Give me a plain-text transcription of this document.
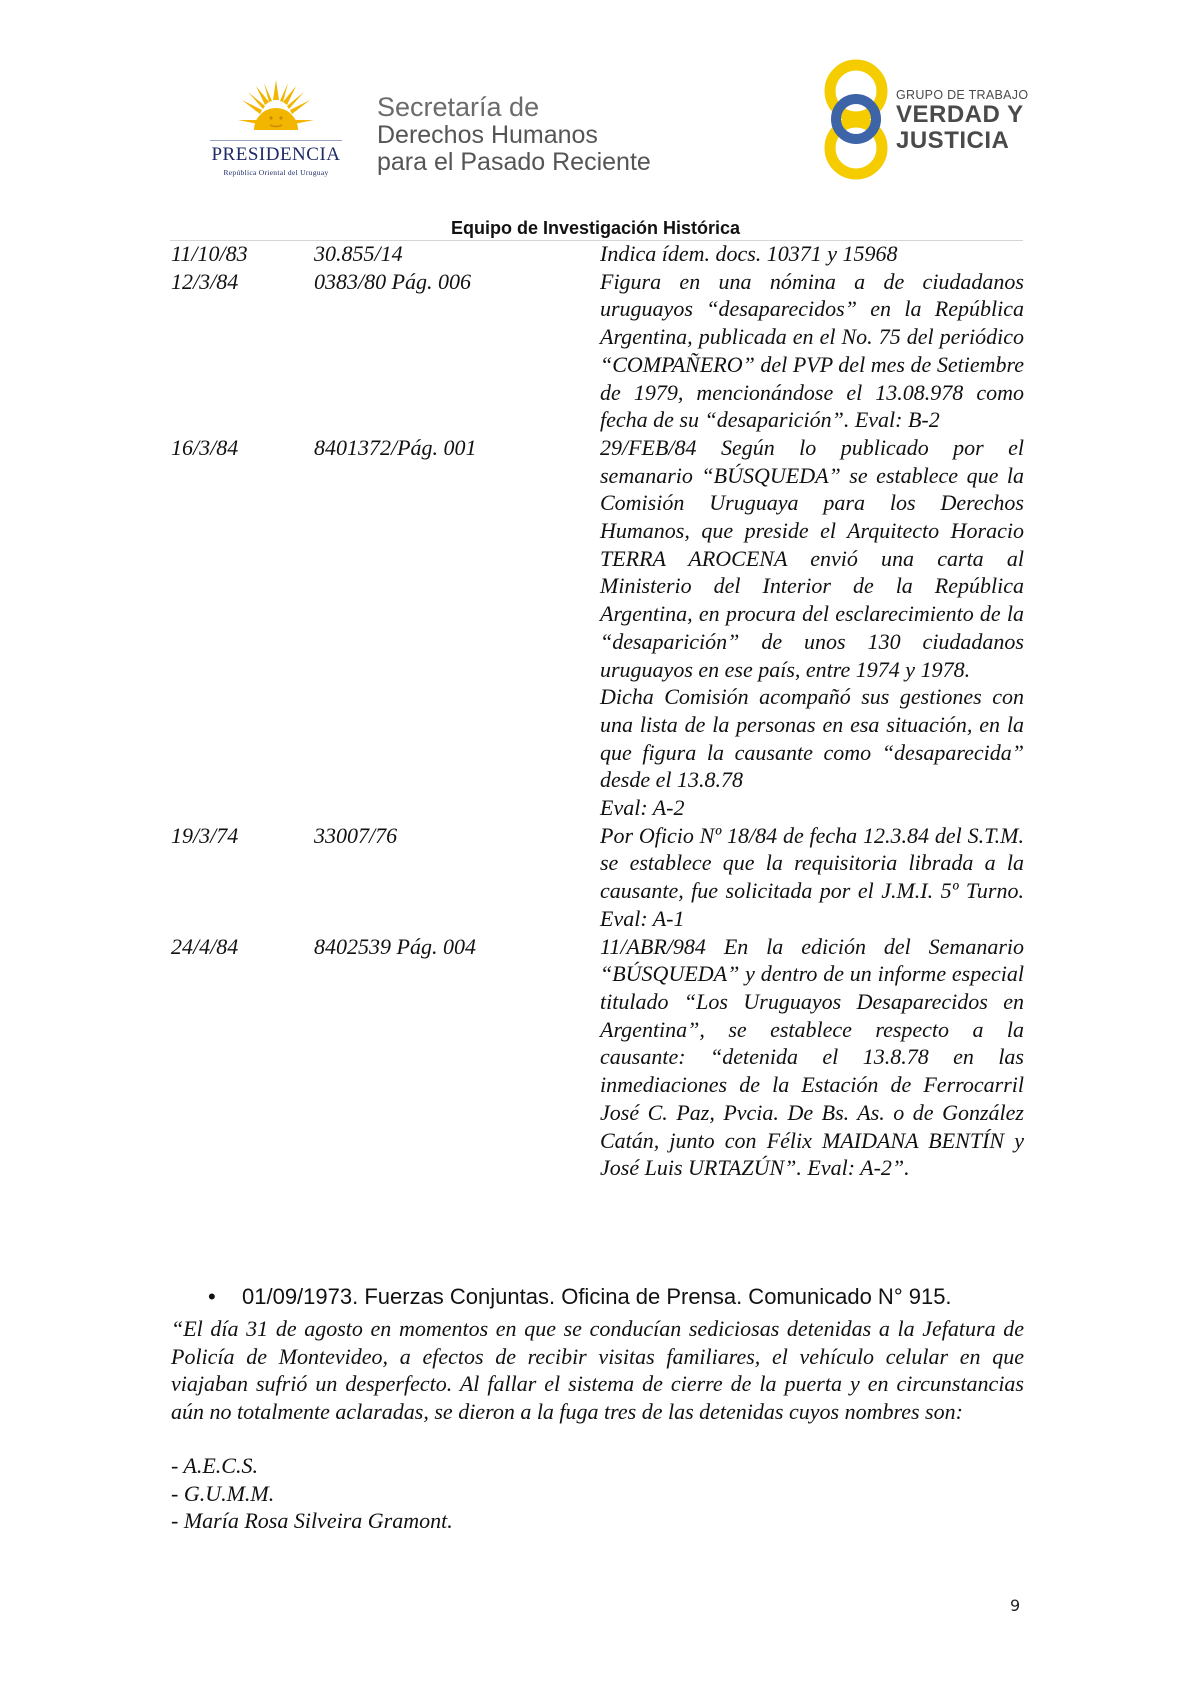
PRESIDENCIA
República Oriental del Uruguay
Secretaría de
Derechos Humanos
para el Pasado Reciente
GRUPO DE TRABAJO
VERDAD Y
JUSTICIA
Equipo de Investigación Histórica
11/10/83	30.855/14	Indica ídem. docs. 10371 y 15968
12/3/84	0383/80 Pág. 006	Figura en una nómina a de ciudadanos uruguayos “desaparecidos” en la República Argentina, publicada en el No. 75 del periódico “COMPAÑERO” del PVP del mes de Setiembre de 1979, mencionándose el 13.08.978 como fecha de su “desaparición”. Eval: B-2
16/3/84	8401372/Pág. 001	29/FEB/84 Según lo publicado por el semanario “BÚSQUEDA” se establece que la Comisión Uruguaya para los Derechos Humanos, que preside el Arquitecto Horacio TERRA AROCENA envió una carta al Ministerio del Interior de la República Argentina, en procura del esclarecimiento de la “desaparición” de unos 130 ciudadanos uruguayos en ese país, entre 1974 y 1978.
Dicha Comisión acompañó sus gestiones con una lista de la personas en esa situación, en la que figura la causante como “desaparecida” desde el 13.8.78
Eval: A-2
19/3/74	33007/76	Por Oficio Nº 18/84 de fecha 12.3.84 del S.T.M. se establece que la requisitoria librada a la causante, fue solicitada por el J.M.I. 5º Turno. Eval: A-1
24/4/84	8402539 Pág. 004	11/ABR/984 En la edición del Semanario “BÚSQUEDA” y dentro de un informe especial titulado “Los Uruguayos Desaparecidos en Argentina”, se establece respecto a la causante: “detenida el 13.8.78 en las inmediaciones de la Estación de Ferrocarril José C. Paz, Pvcia. De Bs. As. o de González Catán, junto con Félix MAIDANA BENTÍN y José Luis URTAZÚN”. Eval: A-2”.
• 01/09/1973. Fuerzas Conjuntas. Oficina de Prensa. Comunicado N° 915.
“El día 31 de agosto en momentos en que se conducían sediciosas detenidas a la Jefatura de Policía de Montevideo, a efectos de recibir visitas familiares, el vehículo celular en que viajaban sufrió un desperfecto. Al fallar el sistema de cierre de la puerta y en circunstancias aún no totalmente aclaradas, se dieron a la fuga tres de las detenidas cuyos nombres son:
- A.E.C.S.
- G.U.M.M.
- María Rosa Silveira Gramont.
9
